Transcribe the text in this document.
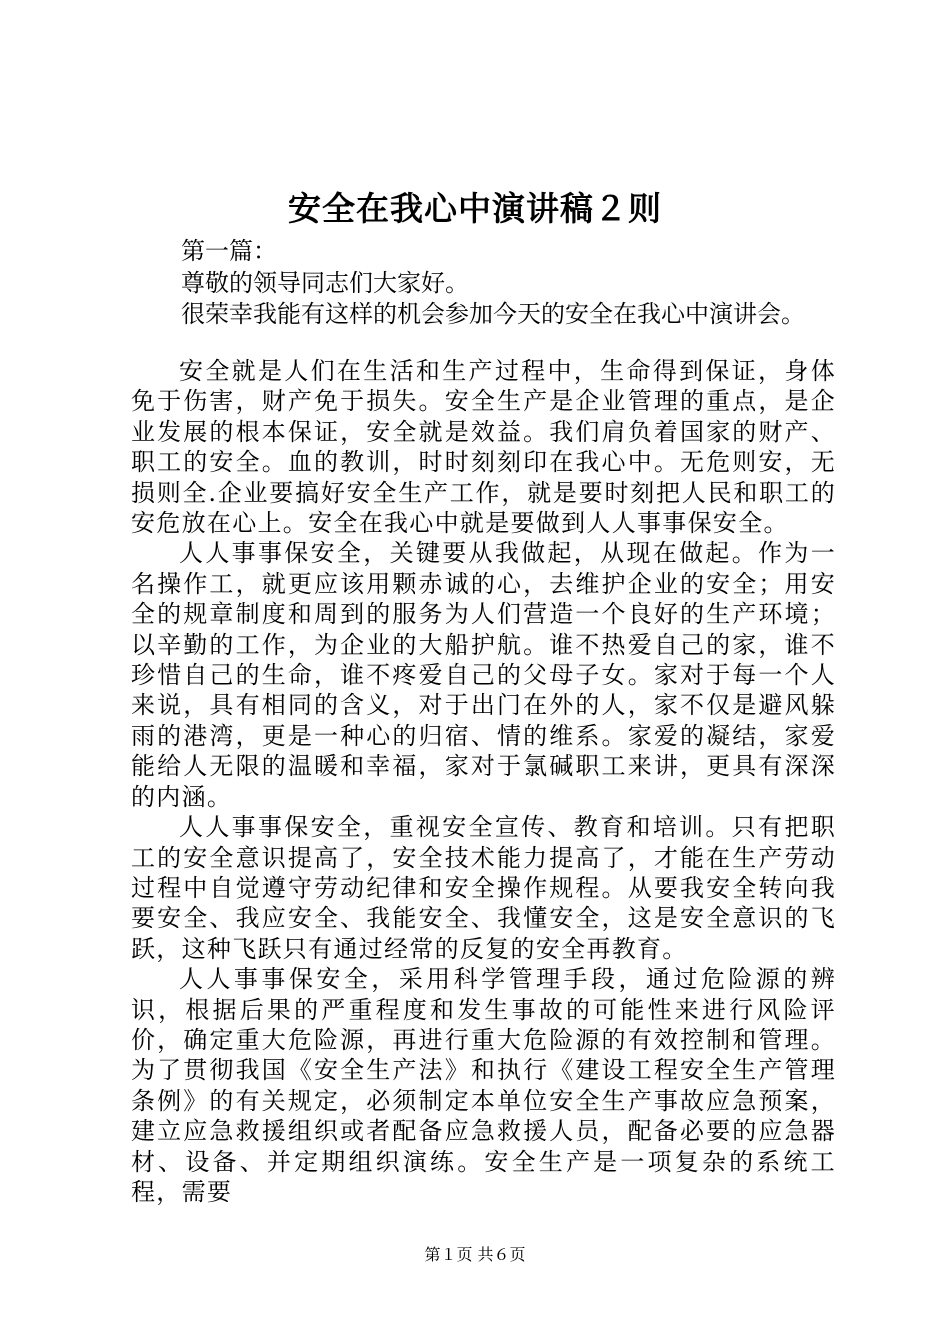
安全在我心中演讲稿２则
第一篇：
尊敬的领导同志们大家好。
很荣幸我能有这样的机会参加今天的安全在我心中演讲会。

安全就是人们在生活和生产过程中，生命得到保证，身体免于伤害，财产免于损失。安全生产是企业管理的重点，是企业发展的根本保证，安全就是效益。我们肩负着国家的财产、职工的安全。血的教训，时时刻刻印在我心中。无危则安，无损则全.企业要搞好安全生产工作，就是要时刻把人民和职工的安危放在心上。安全在我心中就是要做到人人事事保安全。

人人事事保安全，关键要从我做起，从现在做起。作为一名操作工，就更应该用颗赤诚的心，去维护企业的安全；用安全的规章制度和周到的服务为人们营造一个良好的生产环境；以辛勤的工作，为企业的大船护航。谁不热爱自己的家，谁不珍惜自己的生命，谁不疼爱自己的父母子女。家对于每一个人来说，具有相同的含义，对于出门在外的人，家不仅是避风躲雨的港湾，更是一种心的归宿、情的维系。家爱的凝结，家爱能给人无限的温暖和幸福，家对于氯碱职工来讲，更具有深深的内涵。

人人事事保安全，重视安全宣传、教育和培训。只有把职工的安全意识提高了，安全技术能力提高了，才能在生产劳动过程中自觉遵守劳动纪律和安全操作规程。从要我安全转向我要安全、我应安全、我能安全、我懂安全，这是安全意识的飞跃，这种飞跃只有通过经常的反复的安全再教育。

人人事事保安全，采用科学管理手段，通过危险源的辨识，根据后果的严重程度和发生事故的可能性来进行风险评价，确定重大危险源，再进行重大危险源的有效控制和管理。为了贯彻我国《安全生产法》和执行《建设工程安全生产管理条例》的有关规定，必须制定本单位安全生产事故应急预案，建立应急救援组织或者配备应急救援人员，配备必要的应急器材、设备、并定期组织演练。安全生产是一项复杂的系统工程，需要

第１页 共６页
